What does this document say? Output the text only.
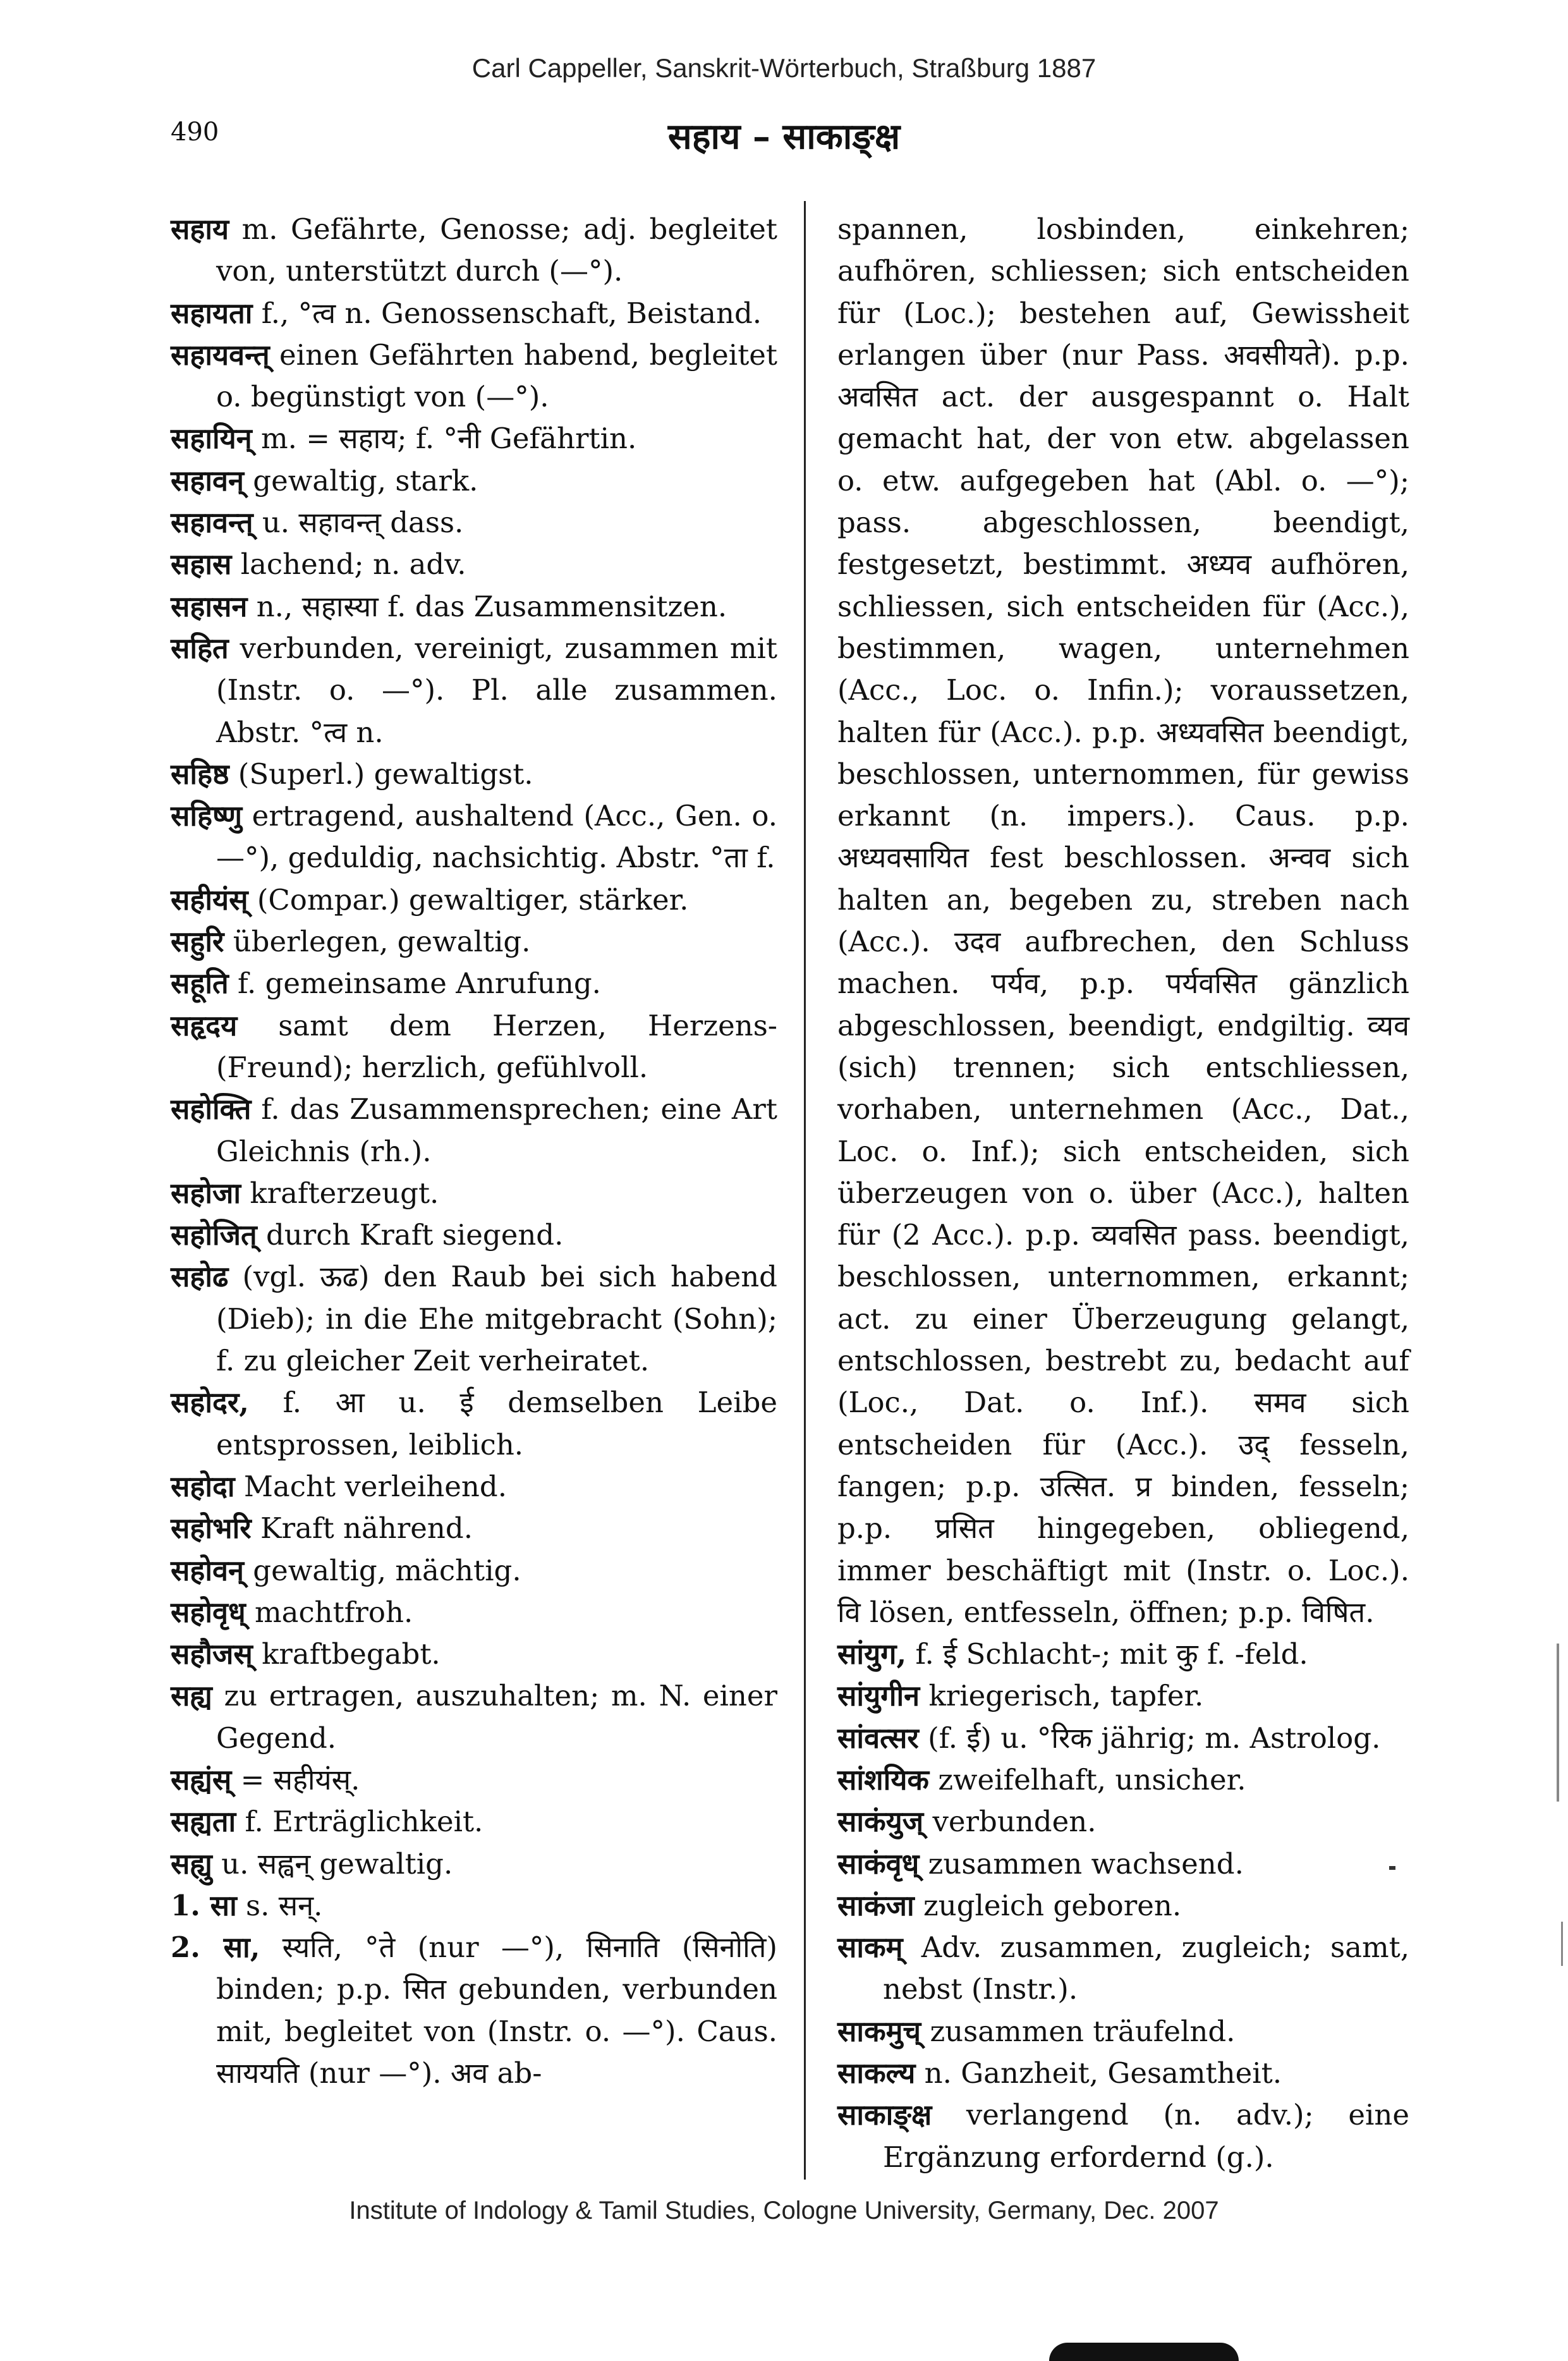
Carl Cappeller, Sanskrit-Wörterbuch, Straßburg 1887
490	सहाय – साकाङ्क्ष

सहाय m. Gefährte, Genosse; adj. begleitet von, unterstützt durch (—°).

सहायता f., °त्व n. Genossenschaft, Beistand.

सहायवन्त् einen Gefährten habend, begleitet o. begünstigt von (—°).

सहायिन् m. = सहाय; f. °नी Gefährtin.

सहावन् gewaltig, stark.

सहावन्त् u. सहावन्त् dass.

सहास lachend; n. adv.

सहासन n., सहास्या f. das Zusammensitzen.

सहित verbunden, vereinigt, zusammen mit (Instr. o. —°). Pl. alle zusammen. Abstr. °त्व n.

सहिष्ठ (Superl.) gewaltigst.

सहिष्णु ertragend, aushaltend (Acc., Gen. o. —°), geduldig, nachsichtig. Abstr. °ता f.

सहीयंस् (Compar.) gewaltiger, stärker.

सहुरि überlegen, gewaltig.

सहूति f. gemeinsame Anrufung.

सहृदय samt dem Herzen, Herzens- (Freund); herzlich, gefühlvoll.

सहोक्ति f. das Zusammensprechen; eine Art Gleichnis (rh.).

सहोजा krafterzeugt.

सहोजित् durch Kraft siegend.

सहोढ (vgl. ऊढ) den Raub bei sich habend (Dieb); in die Ehe mitgebracht (Sohn); f. zu gleicher Zeit verheiratet.

सहोदर, f. आ u. ई demselben Leibe entsprossen, leiblich.

सहोदा Macht verleihend.

सहोभरि Kraft nährend.

सहोवन् gewaltig, mächtig.

सहोवृध् machtfroh.

सहौजस् kraftbegabt.

सह्य zu ertragen, auszuhalten; m. N. einer Gegend.

सह्यंस् = सहीयंस्.

सह्यता f. Erträglichkeit.

सह्यु u. सह्वन् gewaltig.

1. सा s. सन्.

2. सा, स्यति, °ते (nur —°), सिनाति (सिनोति) binden; p.p. सित gebunden, verbunden mit, begleitet von (Instr. o. —°). Caus. साययति (nur —°). अव ab-

spannen, losbinden, einkehren; aufhören, schliessen; sich entscheiden für (Loc.); bestehen auf, Gewissheit erlangen über (nur Pass. अवसीयते). p.p. अवसित act. der ausgespannt o. Halt gemacht hat, der von etw. abgelassen o. etw. aufgegeben hat (Abl. o. —°); pass. abgeschlossen, beendigt, festgesetzt, bestimmt. अध्यव aufhören, schliessen, sich entscheiden für (Acc.), bestimmen, wagen, unternehmen (Acc., Loc. o. Infin.); voraussetzen, halten für (Acc.). p.p. अध्यवसित beendigt, beschlossen, unternommen, für gewiss erkannt (n. impers.). Caus. p.p. अध्यवसायित fest beschlossen. अन्वव sich halten an, begeben zu, streben nach (Acc.). उदव aufbrechen, den Schluss machen. पर्यव, p.p. पर्यवसित gänzlich abgeschlossen, beendigt, endgiltig. व्यव (sich) trennen; sich entschliessen, vorhaben, unternehmen (Acc., Dat., Loc. o. Inf.); sich entscheiden, sich überzeugen von o. über (Acc.), halten für (2 Acc.). p.p. व्यवसित pass. beendigt, beschlossen, unternommen, erkannt; act. zu einer Überzeugung gelangt, entschlossen, bestrebt zu, bedacht auf (Loc., Dat. o. Inf.). समव sich entscheiden für (Acc.). उद् fesseln, fangen; p.p. उत्सित. प्र binden, fesseln; p.p. प्रसित hingegeben, obliegend, immer beschäftigt mit (Instr. o. Loc.). वि lösen, entfesseln, öffnen; p.p. विषित.

सांयुग, f. ई Schlacht-; mit कु f. -feld.

सांयुगीन kriegerisch, tapfer.

सांवत्सर (f. ई) u. °रिक jährig; m. Astrolog.

सांशयिक zweifelhaft, unsicher.

साकंयुज् verbunden.

साकंवृध् zusammen wachsend.

साकंजा zugleich geboren.

साकम् Adv. zusammen, zugleich; samt, nebst (Instr.).

साकमुच् zusammen träufelnd.

साकल्य n. Ganzheit, Gesamtheit.

साकाङ्क्ष verlangend (n. adv.); eine Ergänzung erfordernd (g.).

Institute of Indology & Tamil Studies, Cologne University, Germany, Dec. 2007
